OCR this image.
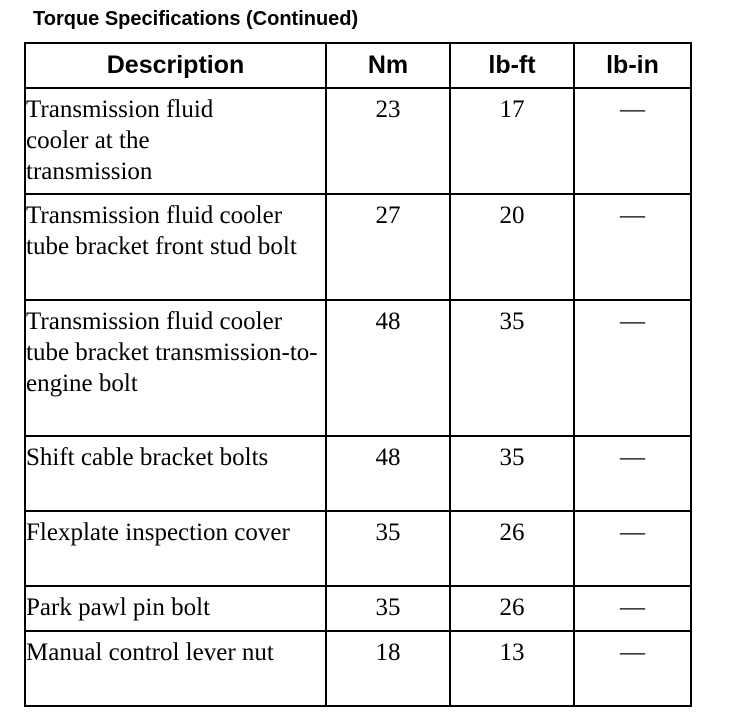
Torque Specifications (Continued)
Description	Nm	lb-ft	lb-in
Transmission fluid cooler at the transmission	23	17	—
Transmission fluid cooler tube bracket front stud bolt	27	20	—
Transmission fluid cooler tube bracket transmission-to-engine bolt	48	35	—
Shift cable bracket bolts	48	35	—
Flexplate inspection cover	35	26	—
Park pawl pin bolt	35	26	—
Manual control lever nut	18	13	—
